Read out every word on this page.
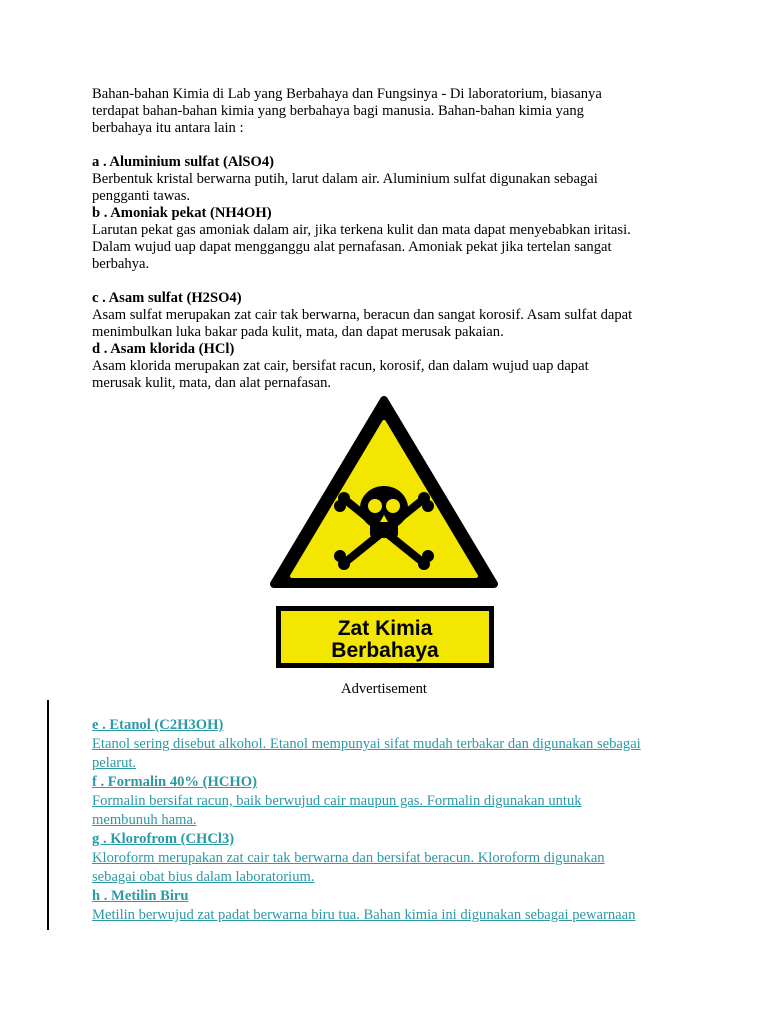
Bahan-bahan Kimia di Lab yang Berbahaya dan Fungsinya - Di laboratorium, biasanya

terdapat bahan-bahan kimia yang berbahaya bagi manusia. Bahan-bahan kimia yang

berbahaya itu antara lain :

a . Aluminium sulfat (AlSO4)

Berbentuk kristal berwarna putih, larut dalam air. Aluminium sulfat digunakan sebagai

pengganti tawas.

b . Amoniak pekat (NH4OH)

Larutan pekat gas amoniak dalam air, jika terkena kulit dan mata dapat menyebabkan iritasi.

Dalam wujud uap dapat mengganggu alat pernafasan. Amoniak pekat jika tertelan sangat

berbahya.

c . Asam sulfat (H2SO4)

Asam sulfat merupakan zat cair tak berwarna, beracun dan sangat korosif. Asam sulfat dapat

menimbulkan luka bakar pada kulit, mata, dan dapat merusak pakaian.

d . Asam klorida (HCl)

Asam klorida merupakan zat cair, bersifat racun, korosif, dan dalam wujud uap dapat

merusak kulit, mata, dan alat pernafasan.

Zat Kimia
Berbahaya
Advertisement
e . Etanol (C2H3OH)
Etanol sering disebut alkohol. Etanol mempunyai sifat mudah terbakar dan digunakan sebagai
pelarut.
f . Formalin 40% (HCHO)
Formalin bersifat racun, baik berwujud cair maupun gas. Formalin digunakan untuk
membunuh hama.
g . Klorofrom (CHCl3)
Kloroform merupakan zat cair tak berwarna dan bersifat beracun. Kloroform digunakan
sebagai obat bius dalam laboratorium.
h . Metilin Biru
Metilin berwujud zat padat berwarna biru tua. Bahan kimia ini digunakan sebagai pewarnaan
